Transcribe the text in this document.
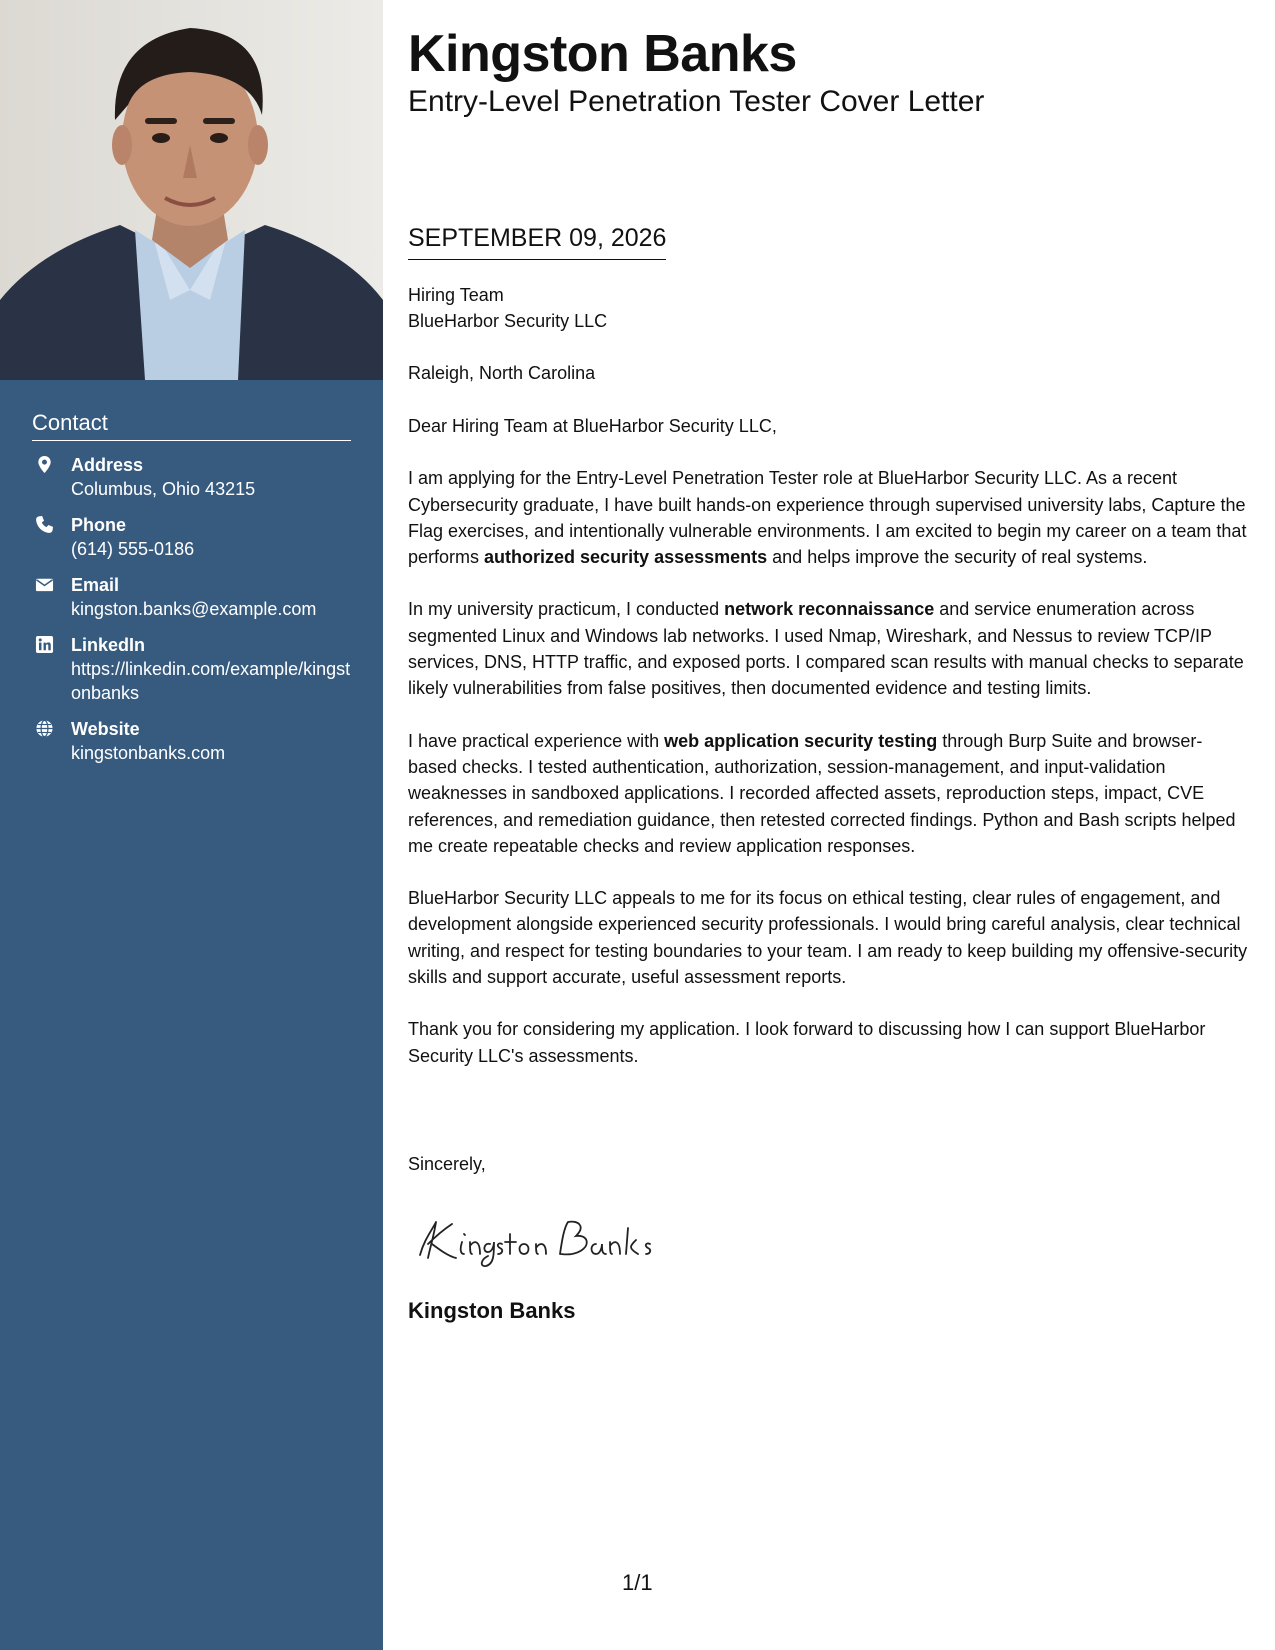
Contact
Address
Columbus, Ohio 43215
Phone
(614) 555-0186
Email
kingston.banks@example.com
LinkedIn
https://linkedin.com/example/kingstonbanks
Website
kingstonbanks.com
Kingston Banks
Entry-Level Penetration Tester Cover Letter
SEPTEMBER 09, 2026
Hiring Team
BlueHarbor Security LLC
Raleigh, North Carolina

Dear Hiring Team at BlueHarbor Security LLC,

I am applying for the Entry-Level Penetration Tester role at BlueHarbor Security LLC. As a recent Cybersecurity graduate, I have built hands-on experience through supervised university labs, Capture the Flag exercises, and intentionally vulnerable environments. I am excited to begin my career on a team that performs authorized security assessments and helps improve the security of real systems.

In my university practicum, I conducted network reconnaissance and service enumeration across segmented Linux and Windows lab networks. I used Nmap, Wireshark, and Nessus to review TCP/IP services, DNS, HTTP traffic, and exposed ports. I compared scan results with manual checks to separate likely vulnerabilities from false positives, then documented evidence and testing limits.

I have practical experience with web application security testing through Burp Suite and browser-based checks. I tested authentication, authorization, session-management, and input-validation weaknesses in sandboxed applications. I recorded affected assets, reproduction steps, impact, CVE references, and remediation guidance, then retested corrected findings. Python and Bash scripts helped me create repeatable checks and review application responses.

BlueHarbor Security LLC appeals to me for its focus on ethical testing, clear rules of engagement, and development alongside experienced security professionals. I would bring careful analysis, clear technical writing, and respect for testing boundaries to your team. I am ready to keep building my offensive-security skills and support accurate, useful assessment reports.

Thank you for considering my application. I look forward to discussing how I can support BlueHarbor Security LLC's assessments.

Sincerely,
Kingston Banks
1/1
